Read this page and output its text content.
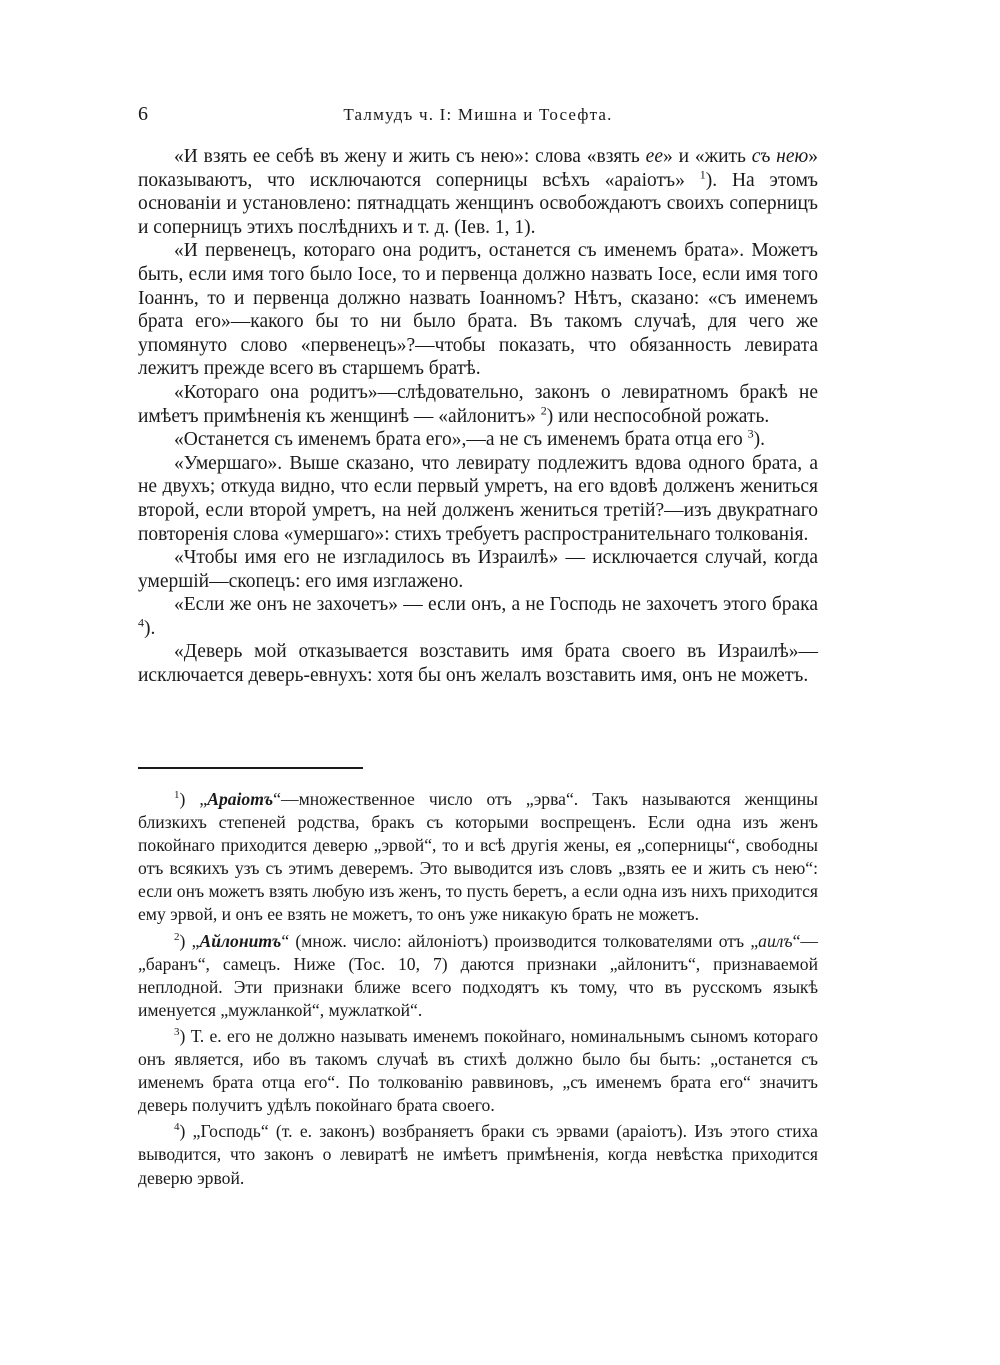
6	Талмудъ ч. I: Мишна и Тосефта.

«И взять ее себѣ въ жену и жить съ нею»: слова «взять ее» и «жить съ нею» показываютъ, что исключаются соперницы всѣхъ «араіотъ» $^1$). На этомъ основаніи и установлено: пятнадцать женщинъ освобождаютъ своихъ соперницъ и соперницъ этихъ послѣднихъ и т. д. (Iев. 1, 1).

«И первенецъ, котораго она родитъ, останется съ именемъ брата». Можетъ быть, если имя того было Iосе, то и первенца должно назвать Iосе, если имя того Iоаннъ, то и первенца должно назвать Iоанномъ? Нѣтъ, сказано: «съ именемъ брата его»—какого бы то ни было брата. Въ такомъ случаѣ, для чего же упомянуто слово «первенецъ»?—чтобы показать, что обязанность левирата лежитъ прежде всего въ старшемъ братѣ.

«Котораго она родитъ»—слѣдовательно, законъ о левиратномъ бракѣ не имѣетъ примѣненія къ женщинѣ — «айлонитъ» $^2$) или неспособной рожать.

«Останется съ именемъ брата его»,—а не съ именемъ брата отца его $^3$).

«Умершаго». Выше сказано, что левирату подлежитъ вдова одного брата, а не двухъ; откуда видно, что если первый умретъ, на его вдовѣ долженъ жениться второй, если второй умретъ, на ней долженъ жениться третій?—изъ двукратнаго повторенія слова «умершаго»: стихъ требуетъ распространительнаго толкованія.

«Чтобы имя его не изгладилось въ Израилѣ» — исключается случай, когда умершій—скопецъ: его имя изглажено.

«Если же онъ не захочетъ» — если онъ, а не Господь не захочетъ этого брака $^4$).

«Деверь мой отказывается возставить имя брата своего въ Израилѣ»—исключается деверь-евнухъ: хотя бы онъ желалъ возставить имя, онъ не можетъ.

$^1$) „Араіотъ“—множественное число отъ „эрва“. Такъ называются женщины близкихъ степеней родства, бракъ съ которыми воспрещенъ. Если одна изъ женъ покойнаго приходится деверю „эрвой“, то и всѣ другія жены, ея „соперницы“, свободны отъ всякихъ узъ съ этимъ деверемъ. Это выводится изъ словъ „взять ее и жить съ нею“: если онъ можетъ взять любую изъ женъ, то пусть беретъ, а если одна изъ нихъ приходится ему эрвой, и онъ ее взять не можетъ, то онъ уже никакую брать не можетъ.

$^2$) „Айлонитъ“ (множ. число: айлоніотъ) производится толкователями отъ „аилъ“—„баранъ“, самецъ. Ниже (Тос. 10, 7) даются признаки „айлонитъ“, признаваемой неплодной. Эти признаки ближе всего подходятъ къ тому, что въ русскомъ языкѣ именуется „мужланкой“, мужлаткой“.

$^3$) Т. е. его не должно называть именемъ покойнаго, номинальнымъ сыномъ котораго онъ является, ибо въ такомъ случаѣ въ стихѣ должно было бы быть: „останется съ именемъ брата отца его“. По толкованію раввиновъ, „съ именемъ брата его“ значитъ деверь получитъ удѣлъ покойнаго брата своего.

$^4$) „Господь“ (т. е. законъ) возбраняетъ браки съ эрвами (араіотъ). Изъ этого стиха выводится, что законъ о левиратѣ не имѣетъ примѣненія, когда невѣстка приходится деверю эрвой.
